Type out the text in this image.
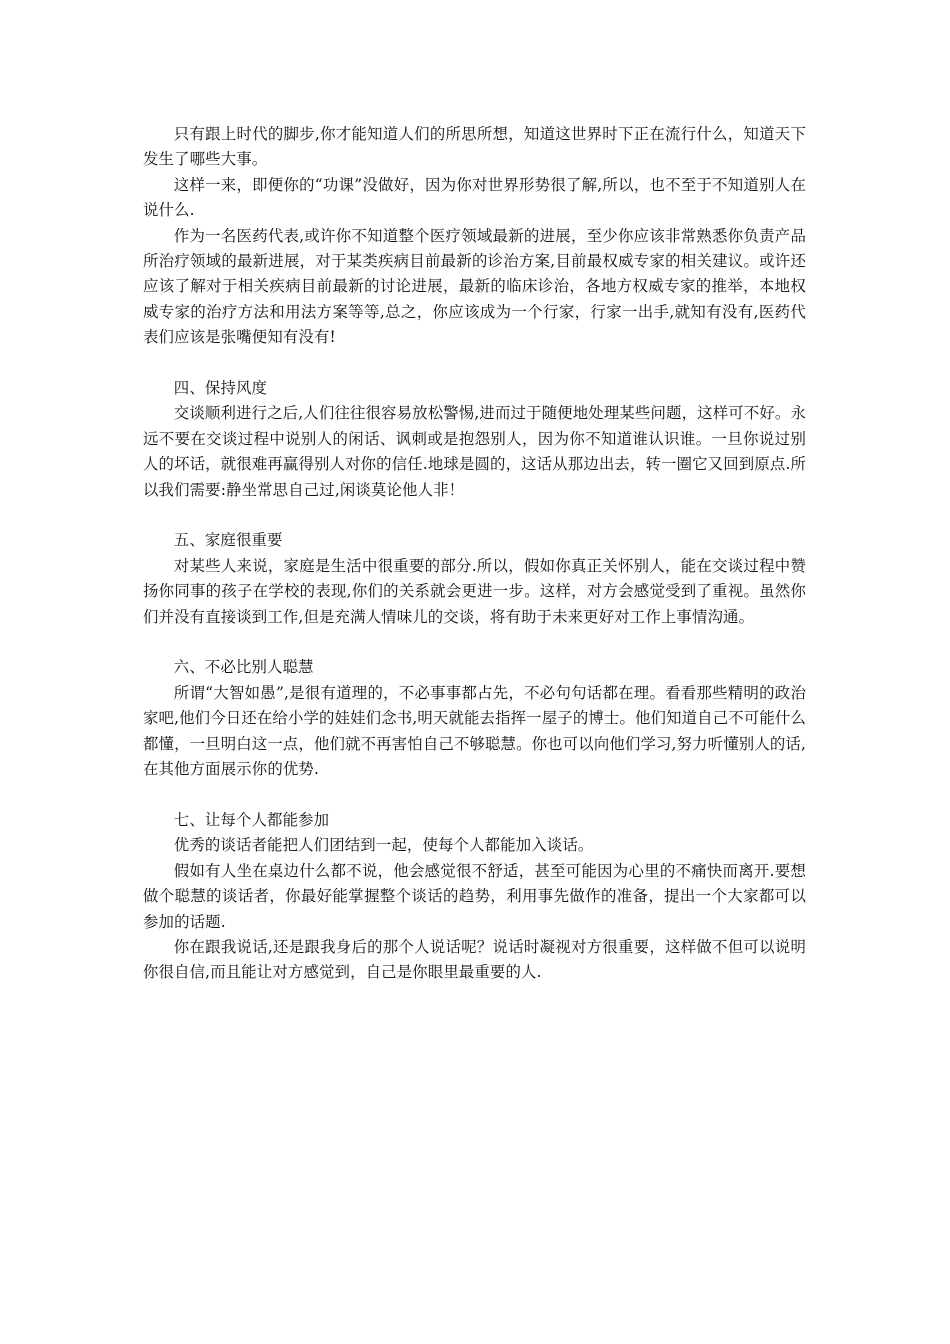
只有跟上时代的脚步,你才能知道人们的所思所想，知道这世界时下正在流行什么，知道天下发生了哪些大事。

这样一来，即便你的“功课”没做好，因为你对世界形势很了解,所以，也不至于不知道别人在说什么.

作为一名医药代表,或许你不知道整个医疗领域最新的进展，至少你应该非常熟悉你负责产品所治疗领域的最新进展，对于某类疾病目前最新的诊治方案,目前最权威专家的相关建议。或许还应该了解对于相关疾病目前最新的讨论进展，最新的临床诊治，各地方权威专家的推举，本地权威专家的治疗方法和用法方案等等,总之，你应该成为一个行家，行家一出手,就知有没有,医药代表们应该是张嘴便知有没有!

四、保持风度

交谈顺利进行之后,人们往往很容易放松警惕,进而过于随便地处理某些问题，这样可不好。永远不要在交谈过程中说别人的闲话、讽刺或是抱怨别人，因为你不知道谁认识谁。一旦你说过别人的坏话，就很难再赢得别人对你的信任.地球是圆的，这话从那边出去，转一圈它又回到原点.所以我们需要:静坐常思自己过,闲谈莫论他人非！

五、家庭很重要

对某些人来说，家庭是生活中很重要的部分.所以，假如你真正关怀别人，能在交谈过程中赞扬你同事的孩子在学校的表现,你们的关系就会更进一步。这样，对方会感觉受到了重视。虽然你们并没有直接谈到工作,但是充满人情味儿的交谈，将有助于未来更好对工作上事情沟通。

六、不必比别人聪慧

所谓“大智如愚”,是很有道理的，不必事事都占先，不必句句话都在理。看看那些精明的政治家吧,他们今日还在给小学的娃娃们念书,明天就能去指挥一屋子的博士。他们知道自己不可能什么都懂，一旦明白这一点，他们就不再害怕自己不够聪慧。你也可以向他们学习,努力听懂别人的话,在其他方面展示你的优势.

七、让每个人都能参加

优秀的谈话者能把人们团结到一起，使每个人都能加入谈话。

假如有人坐在桌边什么都不说，他会感觉很不舒适，甚至可能因为心里的不痛快而离开.要想做个聪慧的谈话者，你最好能掌握整个谈话的趋势，利用事先做作的准备，提出一个大家都可以参加的话题.

你在跟我说话,还是跟我身后的那个人说话呢？说话时凝视对方很重要，这样做不但可以说明你很自信,而且能让对方感觉到，自己是你眼里最重要的人.
